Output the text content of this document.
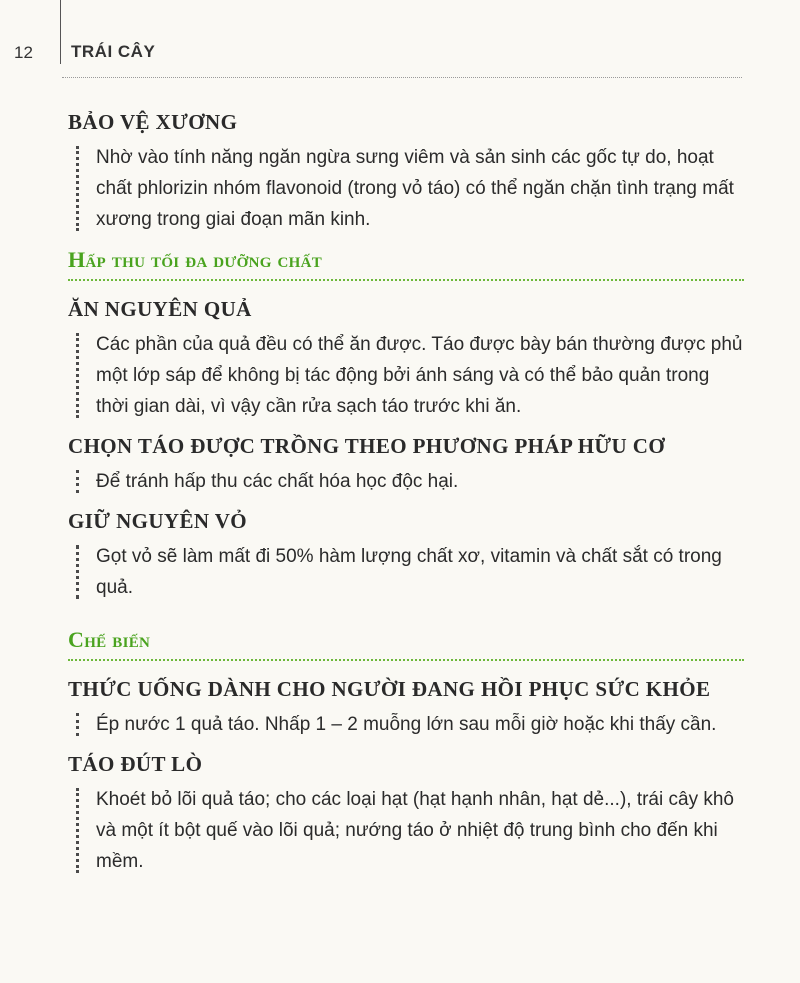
12 TRÁI CÂY
BẢO VỆ XƯƠNG

Nhờ vào tính năng ngăn ngừa sưng viêm và sản sinh các gốc tự do, hoạt chất phlorizin nhóm flavonoid (trong vỏ táo) có thể ngăn chặn tình trạng mất xương trong giai đoạn mãn kinh.

Hấp thu tối đa dưỡng chất
ĂN NGUYÊN QUẢ

Các phần của quả đều có thể ăn được. Táo được bày bán thường được phủ một lớp sáp để không bị tác động bởi ánh sáng và có thể bảo quản trong thời gian dài, vì vậy cần rửa sạch táo trước khi ăn.

CHỌN TÁO ĐƯỢC TRỒNG THEO PHƯƠNG PHÁP HỮU CƠ

Để tránh hấp thu các chất hóa học độc hại.

GIỮ NGUYÊN VỎ

Gọt vỏ sẽ làm mất đi 50% hàm lượng chất xơ, vitamin và chất sắt có trong quả.

Chế biến
THỨC UỐNG DÀNH CHO NGƯỜI ĐANG HỒI PHỤC SỨC KHỎE

Ép nước 1 quả táo. Nhấp 1 – 2 muỗng lớn sau mỗi giờ hoặc khi thấy cần.

TÁO ĐÚT LÒ

Khoét bỏ lõi quả táo; cho các loại hạt (hạt hạnh nhân, hạt dẻ...), trái cây khô và một ít bột quế vào lõi quả; nướng táo ở nhiệt độ trung bình cho đến khi mềm.
